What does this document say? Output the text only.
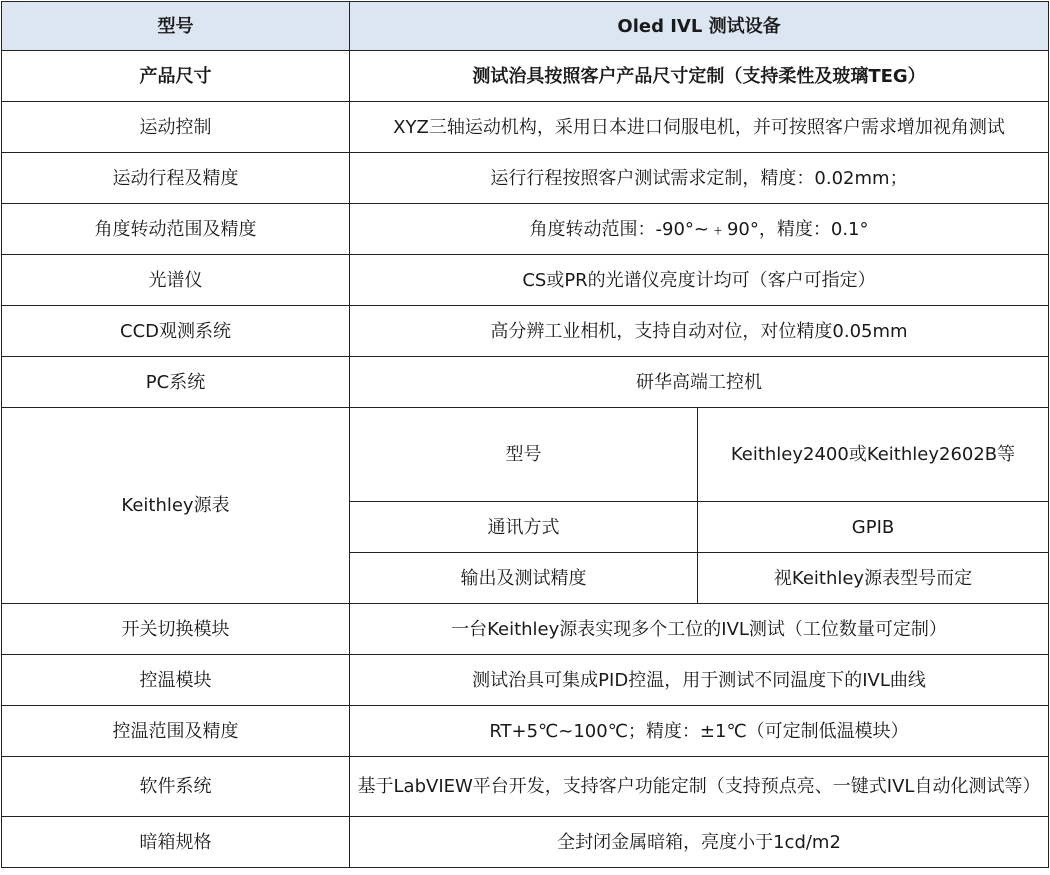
型号	Oled IVL 测试设备	
产品尺寸	测试治具按照客户产品尺寸定制（支持柔性及玻璃TEG）	
运动控制	XYZ三轴运动机构，采用日本进口伺服电机，并可按照客户需求增加视角测试	
运动行程及精度	运行行程按照客户测试需求定制，精度：0.02mm；	
角度转动范围及精度	角度转动范围：-90°~﹢90°，精度：0.1°	
光谱仪	CS或PR的光谱仪亮度计均可（客户可指定）	
CCD观测系统	高分辨工业相机，支持自动对位，对位精度0.05mm	
PC系统	研华高端工控机	
Keithley源表	型号	Keithley2400或Keithley2602B等
	通讯方式	GPIB
	输出及测试精度	视Keithley源表型号而定
开关切换模块	一台Keithley源表实现多个工位的IVL测试（工位数量可定制）	
控温模块	测试治具可集成PID控温，用于测试不同温度下的IVL曲线	
控温范围及精度	RT+5℃~100℃；精度：±1℃（可定制低温模块）	
软件系统	基于LabVIEW平台开发，支持客户功能定制（支持预点亮、一键式IVL自动化测试等）	
暗箱规格	全封闭金属暗箱，亮度小于1cd/m2	
